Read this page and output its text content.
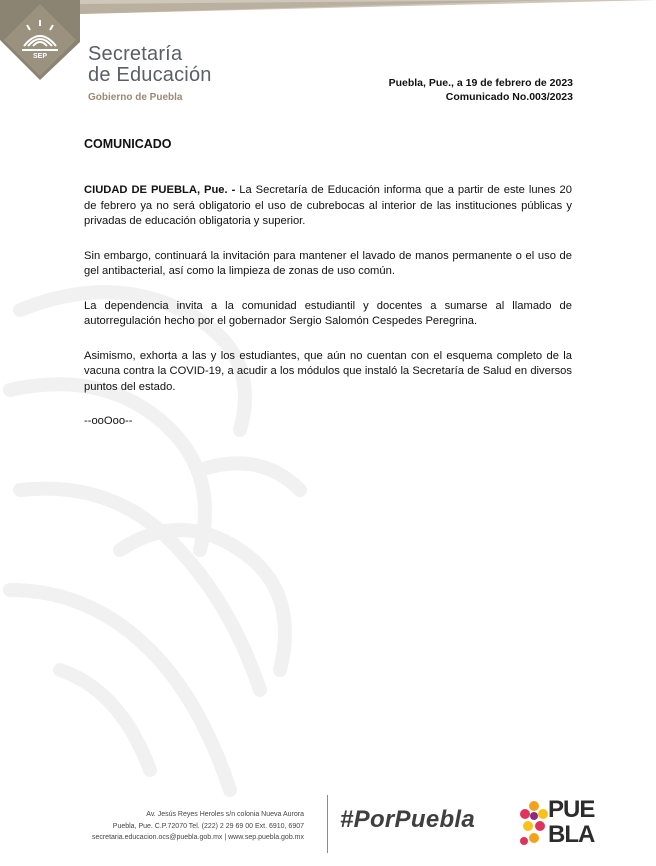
SEP Secretaría
de Educación
Gobierno de Puebla
Puebla, Pue., a 19 de febrero de 2023
Comunicado No.003/2023
COMUNICADO

CIUDAD DE PUEBLA, Pue. - La Secretaría de Educación informa que a partir de este lunes 20 de febrero ya no será obligatorio el uso de cubrebocas al interior de las instituciones públicas y privadas de educación obligatoria y superior.

Sin embargo, continuará la invitación para mantener el lavado de manos permanente o el uso de gel antibacterial, así como la limpieza de zonas de uso común.

La dependencia invita a la comunidad estudiantil y docentes a sumarse al llamado de autorregulación hecho por el gobernador Sergio Salomón Cespedes Peregrina.

Asimismo, exhorta a las y los estudiantes, que aún no cuentan con el esquema completo de la vacuna contra la COVID-19, a acudir a los módulos que instaló la Secretaría de Salud en diversos puntos del estado.

--ooOoo--

Av. Jesús Reyes Heroles s/n colonia Nueva Aurora
Puebla, Pue. C.P.72070 Tel. (222) 2 29 69 00 Ext. 6910, 6907
secretaria.educacion.ocs@puebla.gob.mx | www.sep.puebla.gob.mx
#PorPuebla	PUE
BLA
